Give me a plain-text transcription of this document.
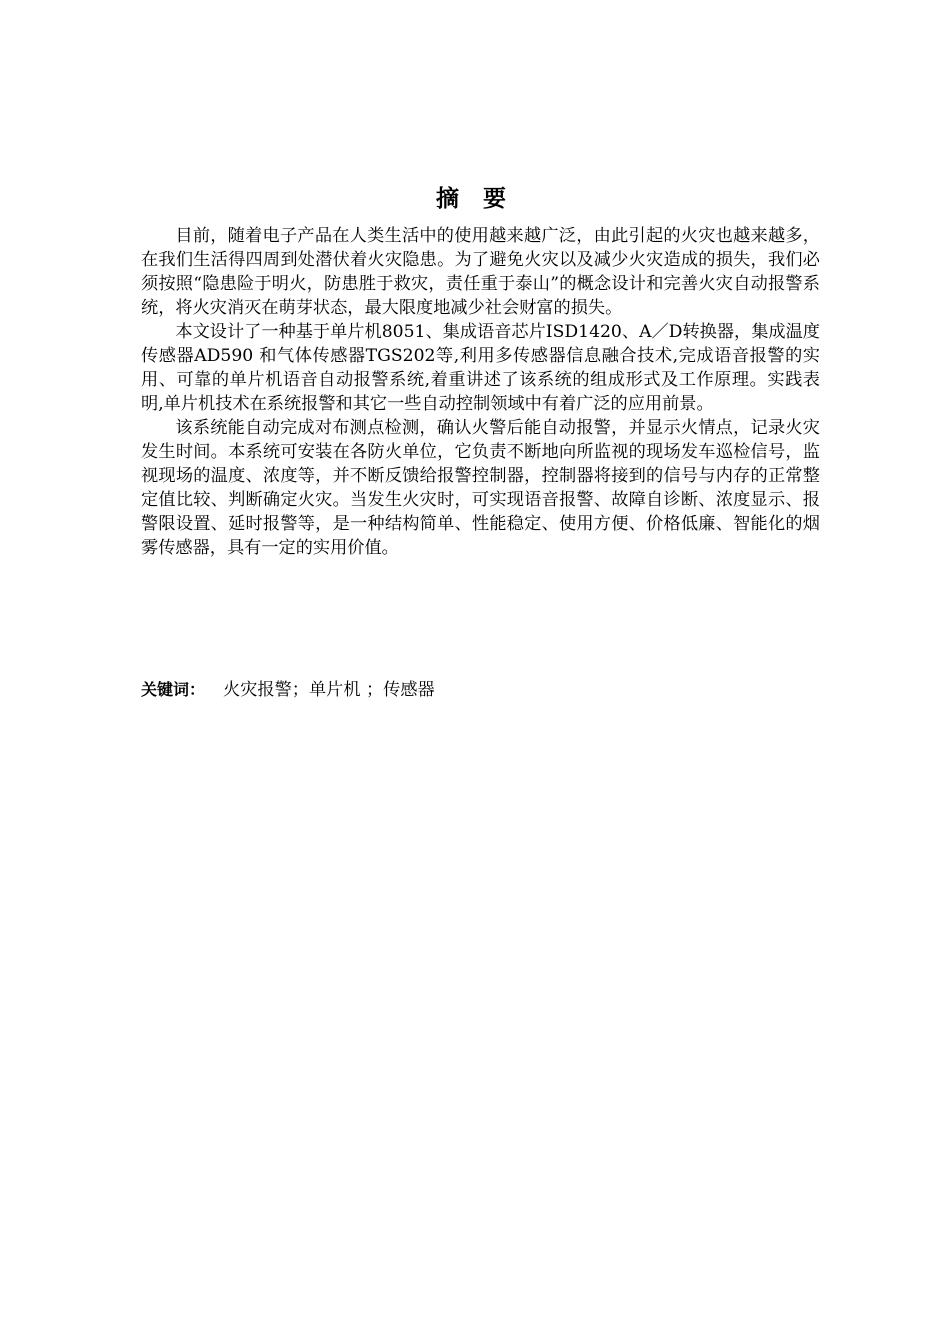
摘 要

目前，随着电子产品在人类生活中的使用越来越广泛，由此引起的火灾也越来越多，在我们生活得四周到处潜伏着火灾隐患。为了避免火灾以及减少火灾造成的损失，我们必须按照“隐患险于明火，防患胜于救灾，责任重于泰山”的概念设计和完善火灾自动报警系统，将火灾消灭在萌芽状态，最大限度地减少社会财富的损失。

本文设计了一种基于单片机8051、集成语音芯片ISD1420、A／D转换器，集成温度传感器AD590 和气体传感器TGS202等,利用多传感器信息融合技术,完成语音报警的实用、可靠的单片机语音自动报警系统,着重讲述了该系统的组成形式及工作原理。实践表明,单片机技术在系统报警和其它一些自动控制领域中有着广泛的应用前景。

该系统能自动完成对布测点检测，确认火警后能自动报警，并显示火情点，记录火灾发生时间。本系统可安装在各防火单位，它负责不断地向所监视的现场发车巡检信号，监视现场的温度、浓度等，并不断反馈给报警控制器，控制器将接到的信号与内存的正常整定值比较、判断确定火灾。当发生火灾时，可实现语音报警、故障自诊断、浓度显示、报警限设置、延时报警等，是一种结构简单、性能稳定、使用方便、价格低廉、智能化的烟雾传感器，具有一定的实用价值。

关键词： 火灾报警；单片机 ；传感器
